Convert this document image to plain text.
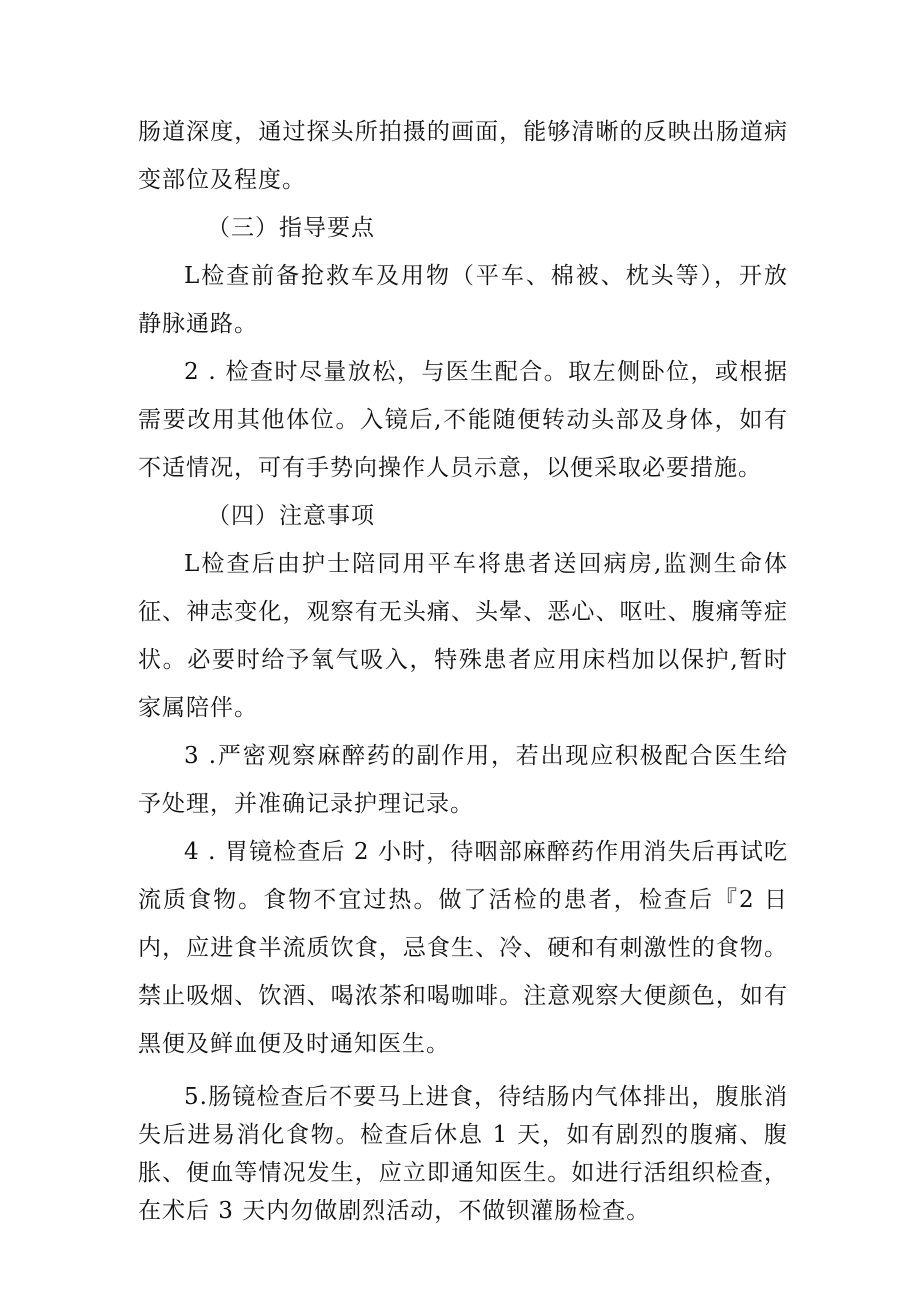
肠道深度，通过探头所拍摄的画面，能够清晰的反映出肠道病变部位及程度。

（三）指导要点

L检查前备抢救车及用物（平车、棉被、枕头等），开放静脉通路。

2 . 检查时尽量放松，与医生配合。取左侧卧位，或根据需要改用其他体位。入镜后,不能随便转动头部及身体，如有不适情况，可有手势向操作人员示意，以便采取必要措施。

（四）注意事项

L检查后由护士陪同用平车将患者送回病房,监测生命体征、神志变化，观察有无头痛、头晕、恶心、呕吐、腹痛等症状。必要时给予氧气吸入，特殊患者应用床档加以保护,暂时家属陪伴。

3 .严密观察麻醉药的副作用，若出现应积极配合医生给予处理，并准确记录护理记录。

4 . 胃镜检查后 2 小时，待咽部麻醉药作用消失后再试吃流质食物。食物不宜过热。做了活检的患者，检查后『2 日内，应进食半流质饮食，忌食生、冷、硬和有刺激性的食物。禁止吸烟、饮酒、喝浓茶和喝咖啡。注意观察大便颜色，如有黑便及鲜血便及时通知医生。

5.肠镜检查后不要马上进食，待结肠内气体排出，腹胀消失后进易消化食物。检查后休息 1 天，如有剧烈的腹痛、腹胀、便血等情况发生，应立即通知医生。如进行活组织检查，在术后 3 天内勿做剧烈活动，不做钡灌肠检查。
